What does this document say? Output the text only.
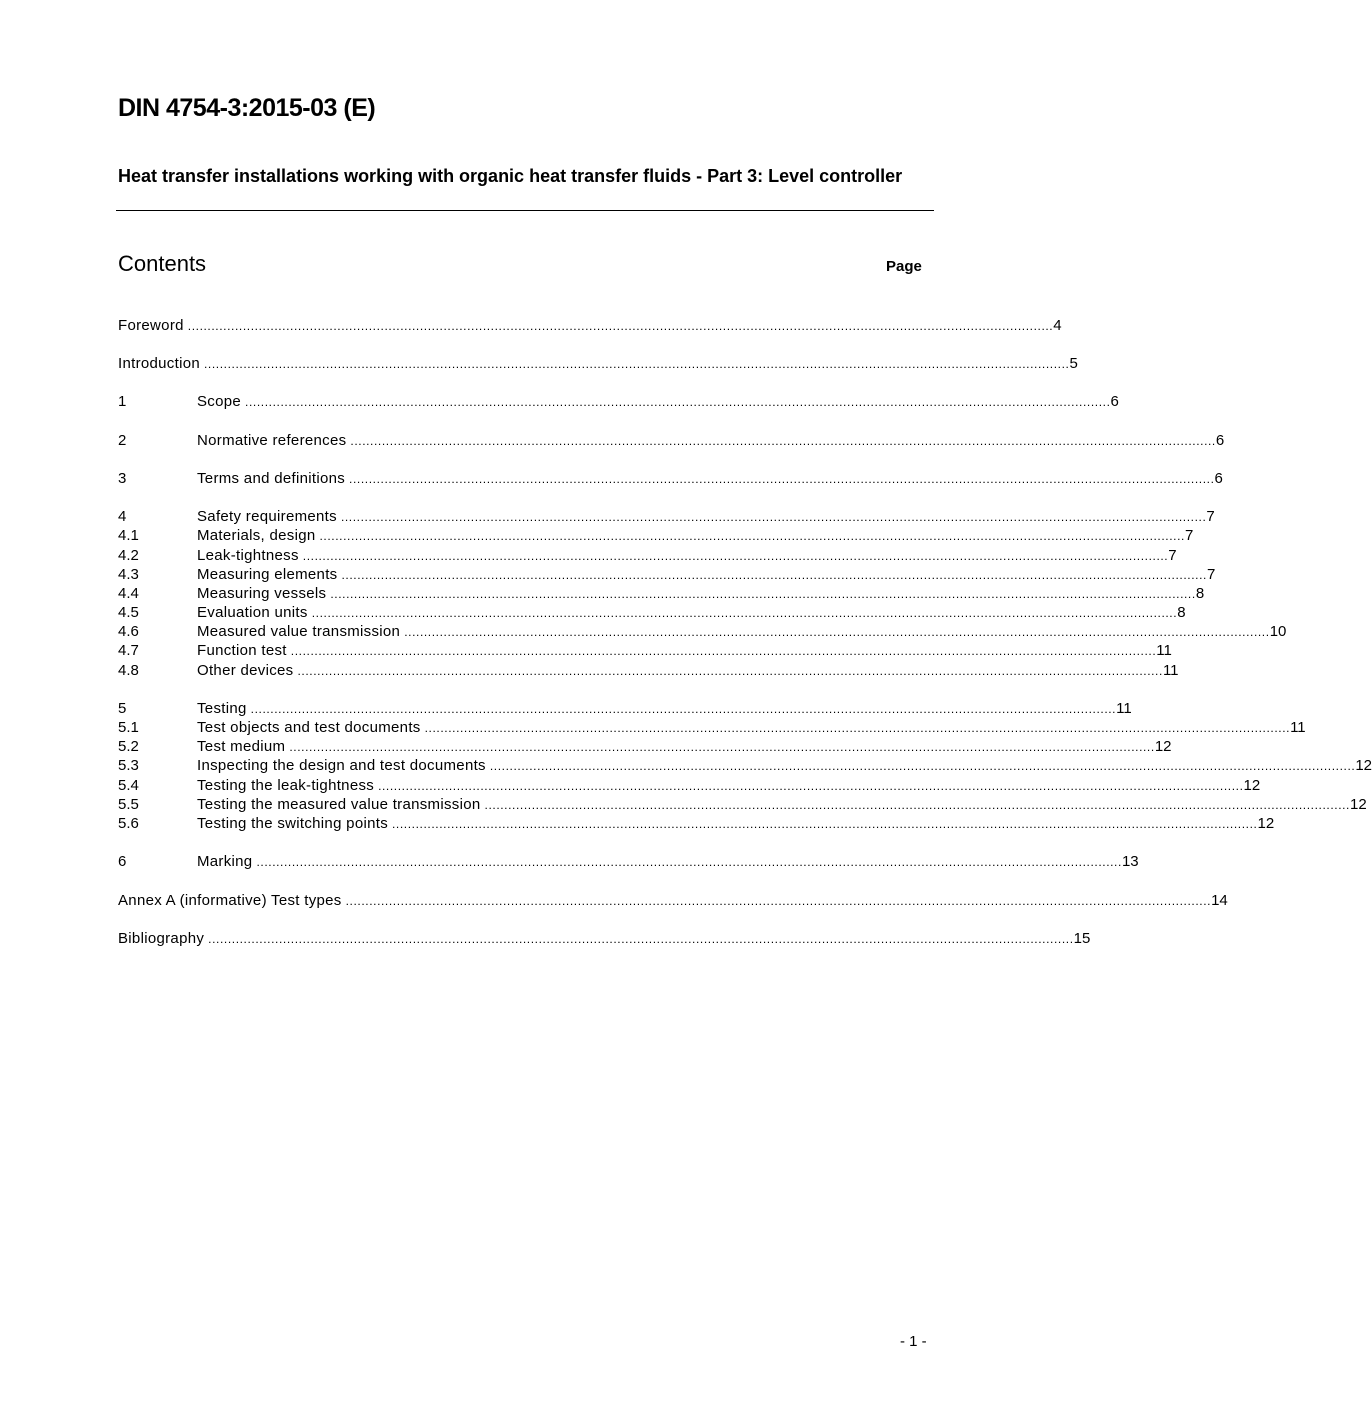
DIN 4754-3:2015-03 (E)
Heat transfer installations working with organic heat transfer fluids - Part 3: Level controller
Contents	Page
Foreword ............................................................................................................................................................................................................................ 4
Introduction ............................................................................................................................................................................................................................ 5
1	Scope ............................................................................................................................................................................................................................ 6
2	Normative references ............................................................................................................................................................................................................................ 6
3	Terms and definitions ............................................................................................................................................................................................................................ 6
4	Safety requirements ............................................................................................................................................................................................................................ 7
4.1	Materials, design ............................................................................................................................................................................................................................ 7
4.2	Leak-tightness ............................................................................................................................................................................................................................ 7
4.3	Measuring elements ............................................................................................................................................................................................................................ 7
4.4	Measuring vessels ............................................................................................................................................................................................................................ 8
4.5	Evaluation units ............................................................................................................................................................................................................................ 8
4.6	Measured value transmission ............................................................................................................................................................................................................................ 10
4.7	Function test ............................................................................................................................................................................................................................ 11
4.8	Other devices ............................................................................................................................................................................................................................ 11
5	Testing ............................................................................................................................................................................................................................ 11
5.1	Test objects and test documents ............................................................................................................................................................................................................................ 11
5.2	Test medium ............................................................................................................................................................................................................................ 12
5.3	Inspecting the design and test documents ............................................................................................................................................................................................................................ 12
5.4	Testing the leak-tightness ............................................................................................................................................................................................................................ 12
5.5	Testing the measured value transmission ............................................................................................................................................................................................................................ 12
5.6	Testing the switching points ............................................................................................................................................................................................................................ 12
6	Marking ............................................................................................................................................................................................................................ 13
Annex A (informative) Test types ............................................................................................................................................................................................................................ 14
Bibliography ............................................................................................................................................................................................................................ 15
- 1 -
